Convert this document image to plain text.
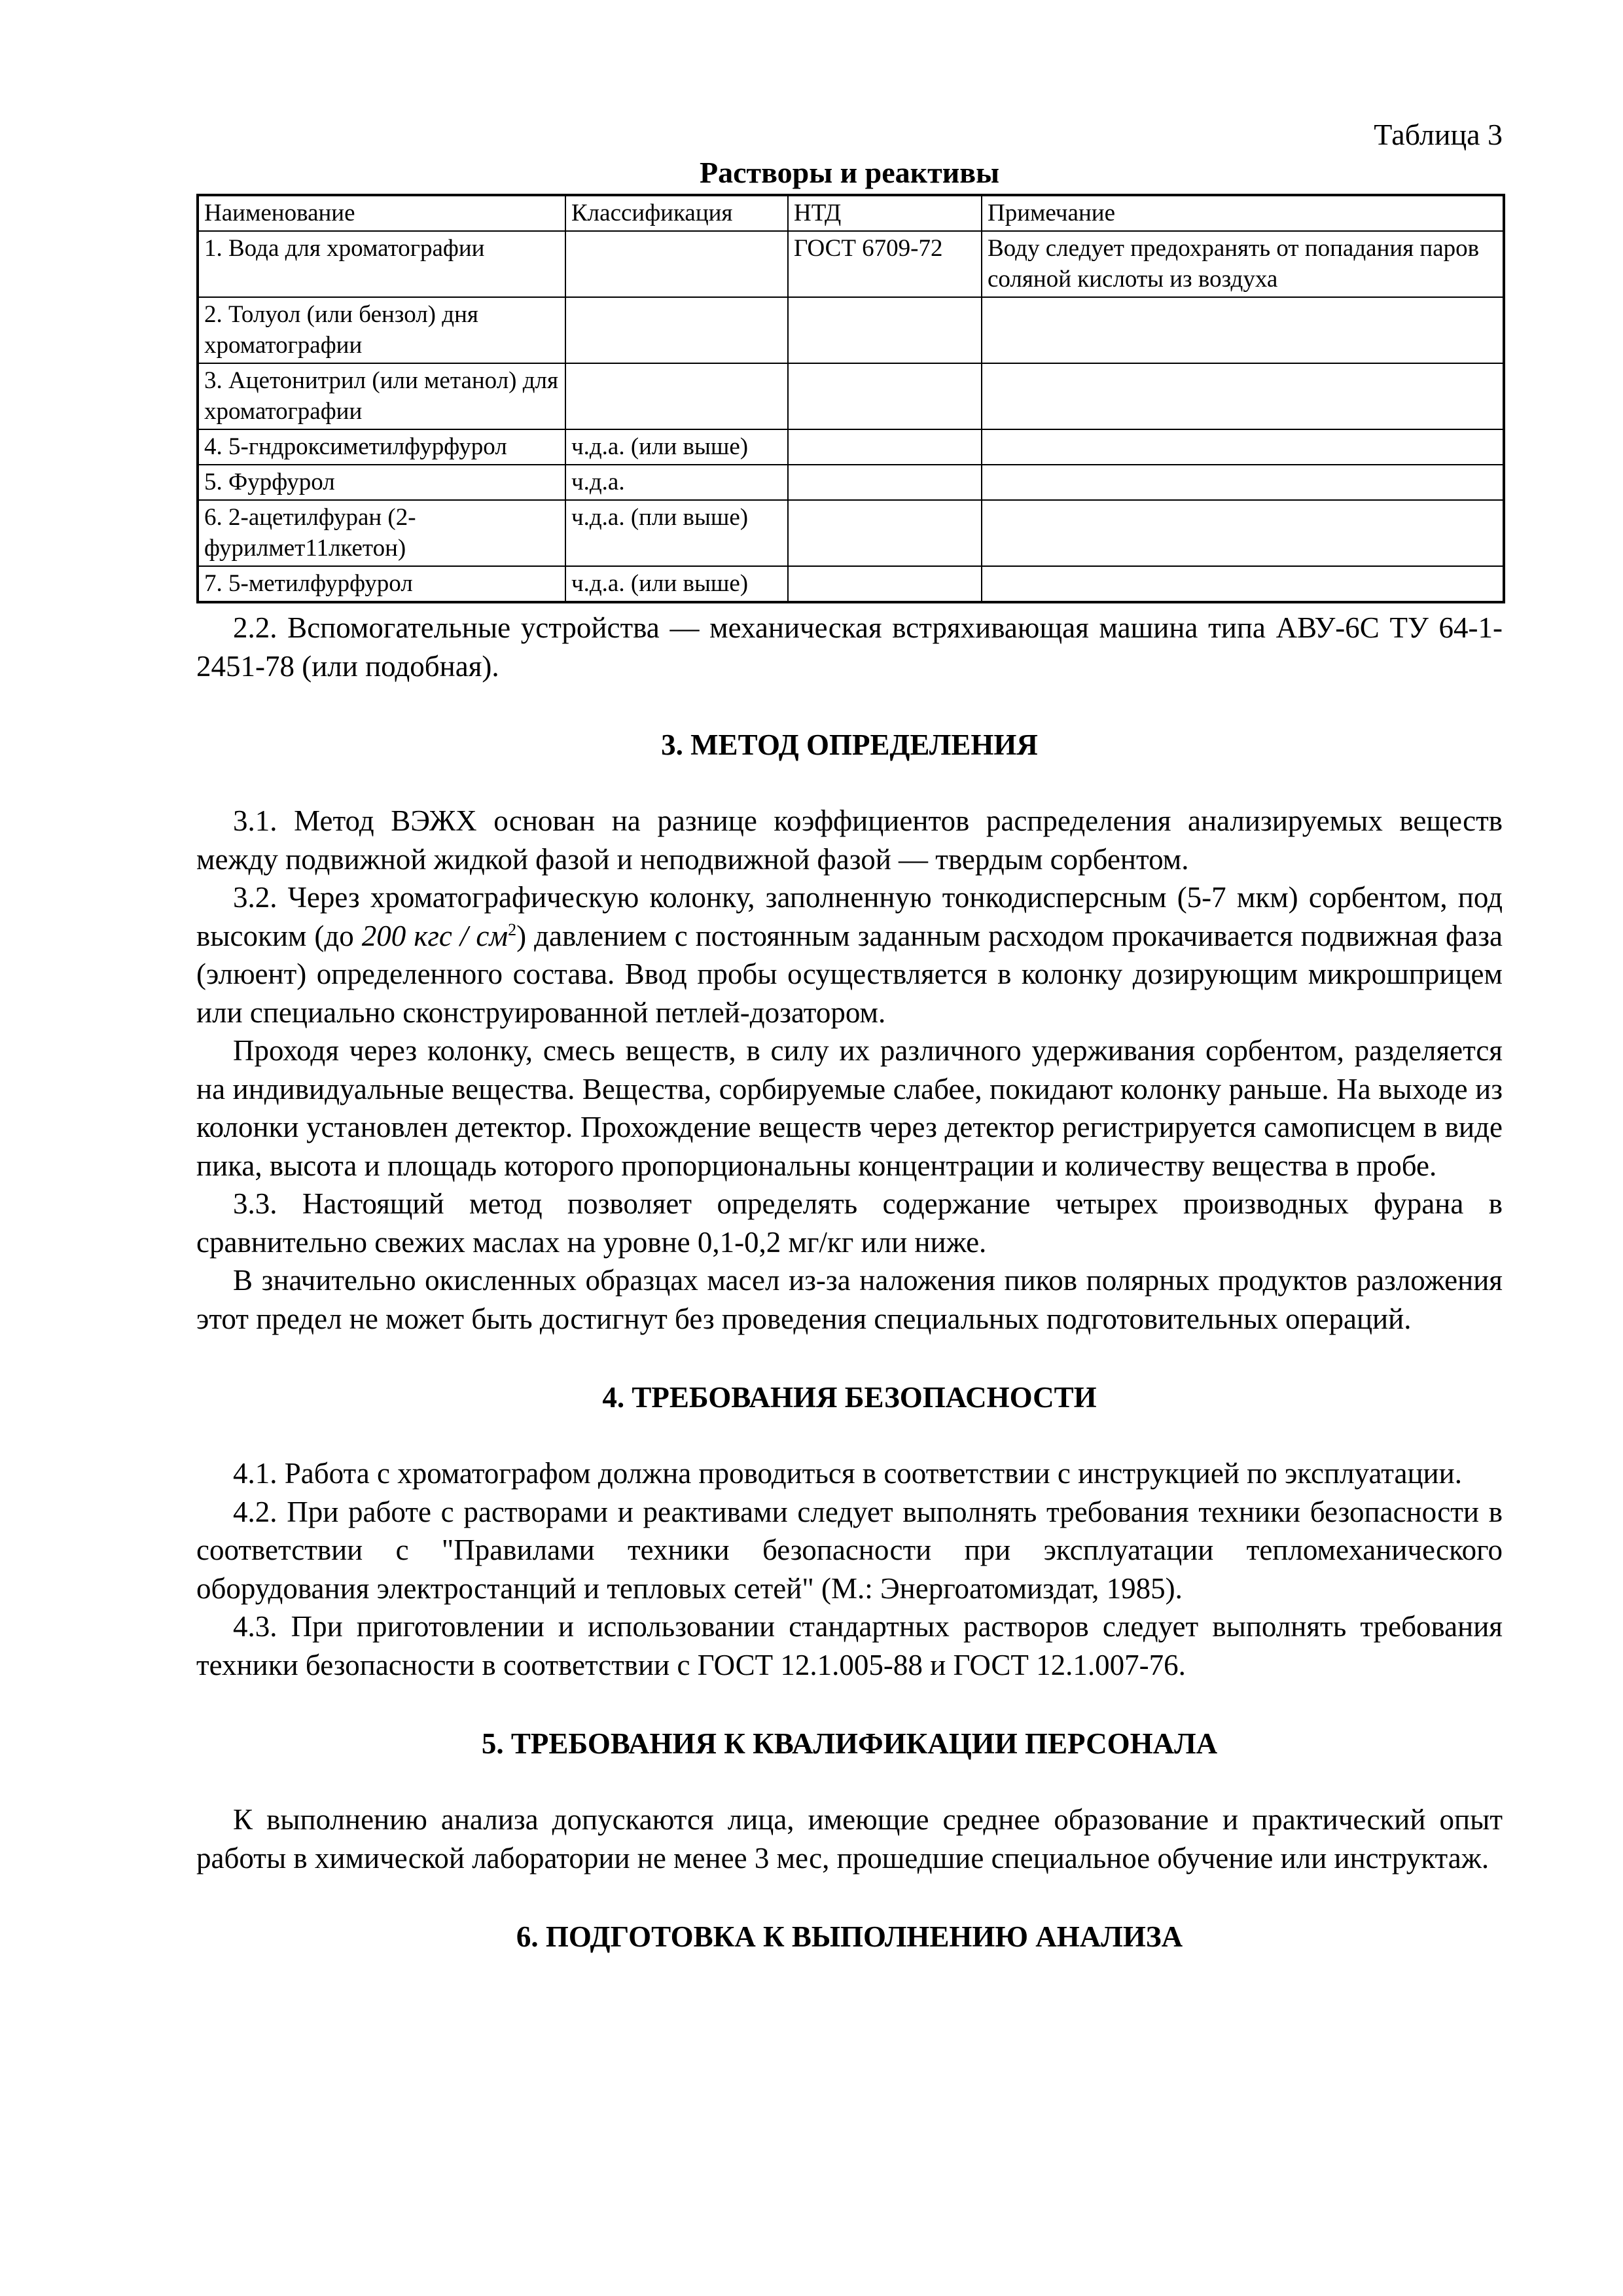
Таблица 3
Растворы и реактивы
Наименование	Классификация	НТД	Примечание
1. Вода для хроматографии		ГОСТ 6709-72	Воду следует предохранять от попадания паров соляной кислоты из воздуха
2. Толуол (или бензол) дня хроматографии			
3. Ацетонитрил (или метанол) для хроматографии			
4. 5-гндроксиметилфурфурол	ч.д.а. (или выше)		
5. Фурфурол	ч.д.а.		
6. 2-ацетилфуран (2-фурилмет11лкетон)	ч.д.а. (пли выше)		
7. 5-метилфурфурол	ч.д.а. (или выше)		

2.2. Вспомогательные устройства — механическая встряхивающая машина типа АВУ-6С ТУ 64-1-2451-78 (или подобная).

3. МЕТОД ОПРЕДЕЛЕНИЯ

3.1. Метод ВЭЖХ основан на разнице коэффициентов распределения анализируемых веществ между подвижной жидкой фазой и неподвижной фазой — твердым сорбентом.

3.2. Через хроматографическую колонку, заполненную тонкодисперсным (5-7 мкм) сорбентом, под высоким (до 200 кгс / $см^2$) давлением с постоянным заданным расходом прокачивается подвижная фаза (элюент) определенного состава. Ввод пробы осуществляется в колонку дозирующим микрошприцем или специально сконструированной петлей-дозатором.

Проходя через колонку, смесь веществ, в силу их различного удерживания сорбентом, разделяется на индивидуальные вещества. Вещества, сорбируемые слабее, покидают колонку раньше. На выходе из колонки установлен детектор. Прохождение веществ через детектор регистрируется самописцем в виде пика, высота и площадь которого пропорциональны концентрации и количеству вещества в пробе.

3.3. Настоящий метод позволяет определять содержание четырех производных фурана в сравнительно свежих маслах на уровне 0,1-0,2 мг/кг или ниже.

В значительно окисленных образцах масел из-за наложения пиков полярных продуктов разложения этот предел не может быть достигнут без проведения специальных подготовительных операций.

4. ТРЕБОВАНИЯ БЕЗОПАСНОСТИ

4.1. Работа с хроматографом должна проводиться в соответствии с инструкцией по эксплуатации.

4.2. При работе с растворами и реактивами следует выполнять требования техники безопасности в соответствии с "Правилами техники безопасности при эксплуатации тепломеханического оборудования электростанций и тепловых сетей" (М.: Энергоатомиздат, 1985).

4.3. При приготовлении и использовании стандартных растворов следует выполнять требования техники безопасности в соответствии с ГОСТ 12.1.005-88 и ГОСТ 12.1.007-76.

5. ТРЕБОВАНИЯ К КВАЛИФИКАЦИИ ПЕРСОНАЛА

К выполнению анализа допускаются лица, имеющие среднее образование и практический опыт работы в химической лаборатории не менее 3 мес, прошедшие специальное обучение или инструктаж.

6. ПОДГОТОВКА К ВЫПОЛНЕНИЮ АНАЛИЗА
